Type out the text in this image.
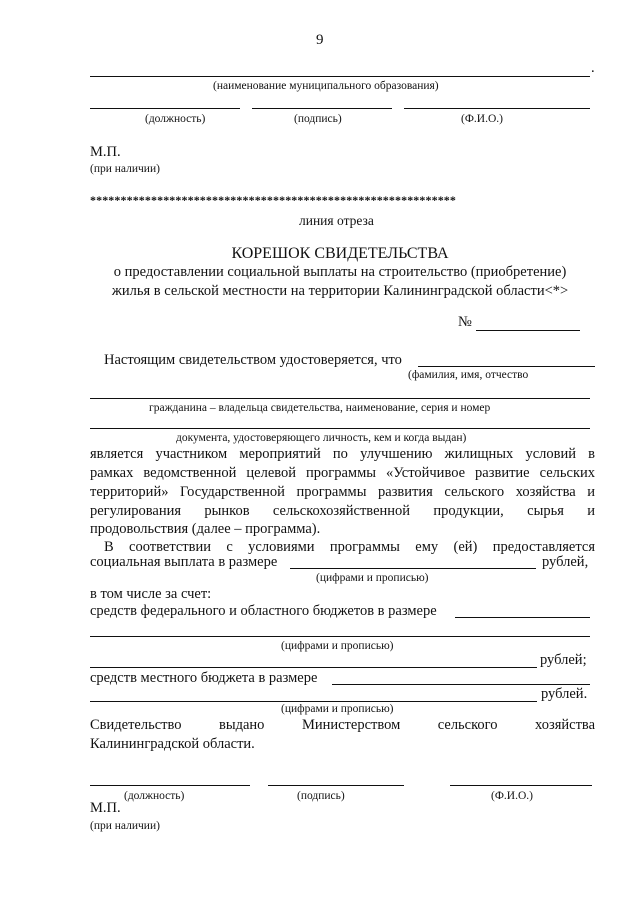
9
.
(наименование муниципального образования)
(должность)	(подпись)	(Ф.И.О.)
М.П.
(при наличии)
************************************************************
линия отреза
КОРЕШОК СВИДЕТЕЛЬСТВА
о предоставлении социальной выплаты на строительство (приобретение)
жилья в сельской местности на территории Калининградской области<*>
№
Настоящим свидетельством удостоверяется, что
(фамилия, имя, отчество
гражданина – владельца свидетельства, наименование, серия и номер
документа, удостоверяющего личность, кем и когда выдан)
является участником мероприятий по улучшению жилищных условий в
рамках ведомственной целевой программы «Устойчивое развитие сельских
территорий» Государственной программы развития сельского хозяйства и
регулирования рынков сельскохозяйственной продукции, сырья и
продовольствия (далее – программа).
В соответствии с условиями программы ему (ей) предоставляется
социальная выплата в размере	рублей,
(цифрами и прописью)
в том числе за счет:
средств федерального и областного бюджетов в размере
(цифрами и прописью)
рублей;
средств местного бюджета в размере
рублей.
(цифрами и прописью)
Свидетельство выдано Министерством сельского хозяйства
Калининградской области.
(должность)	(подпись)	(Ф.И.О.)
М.П.
(при наличии)
